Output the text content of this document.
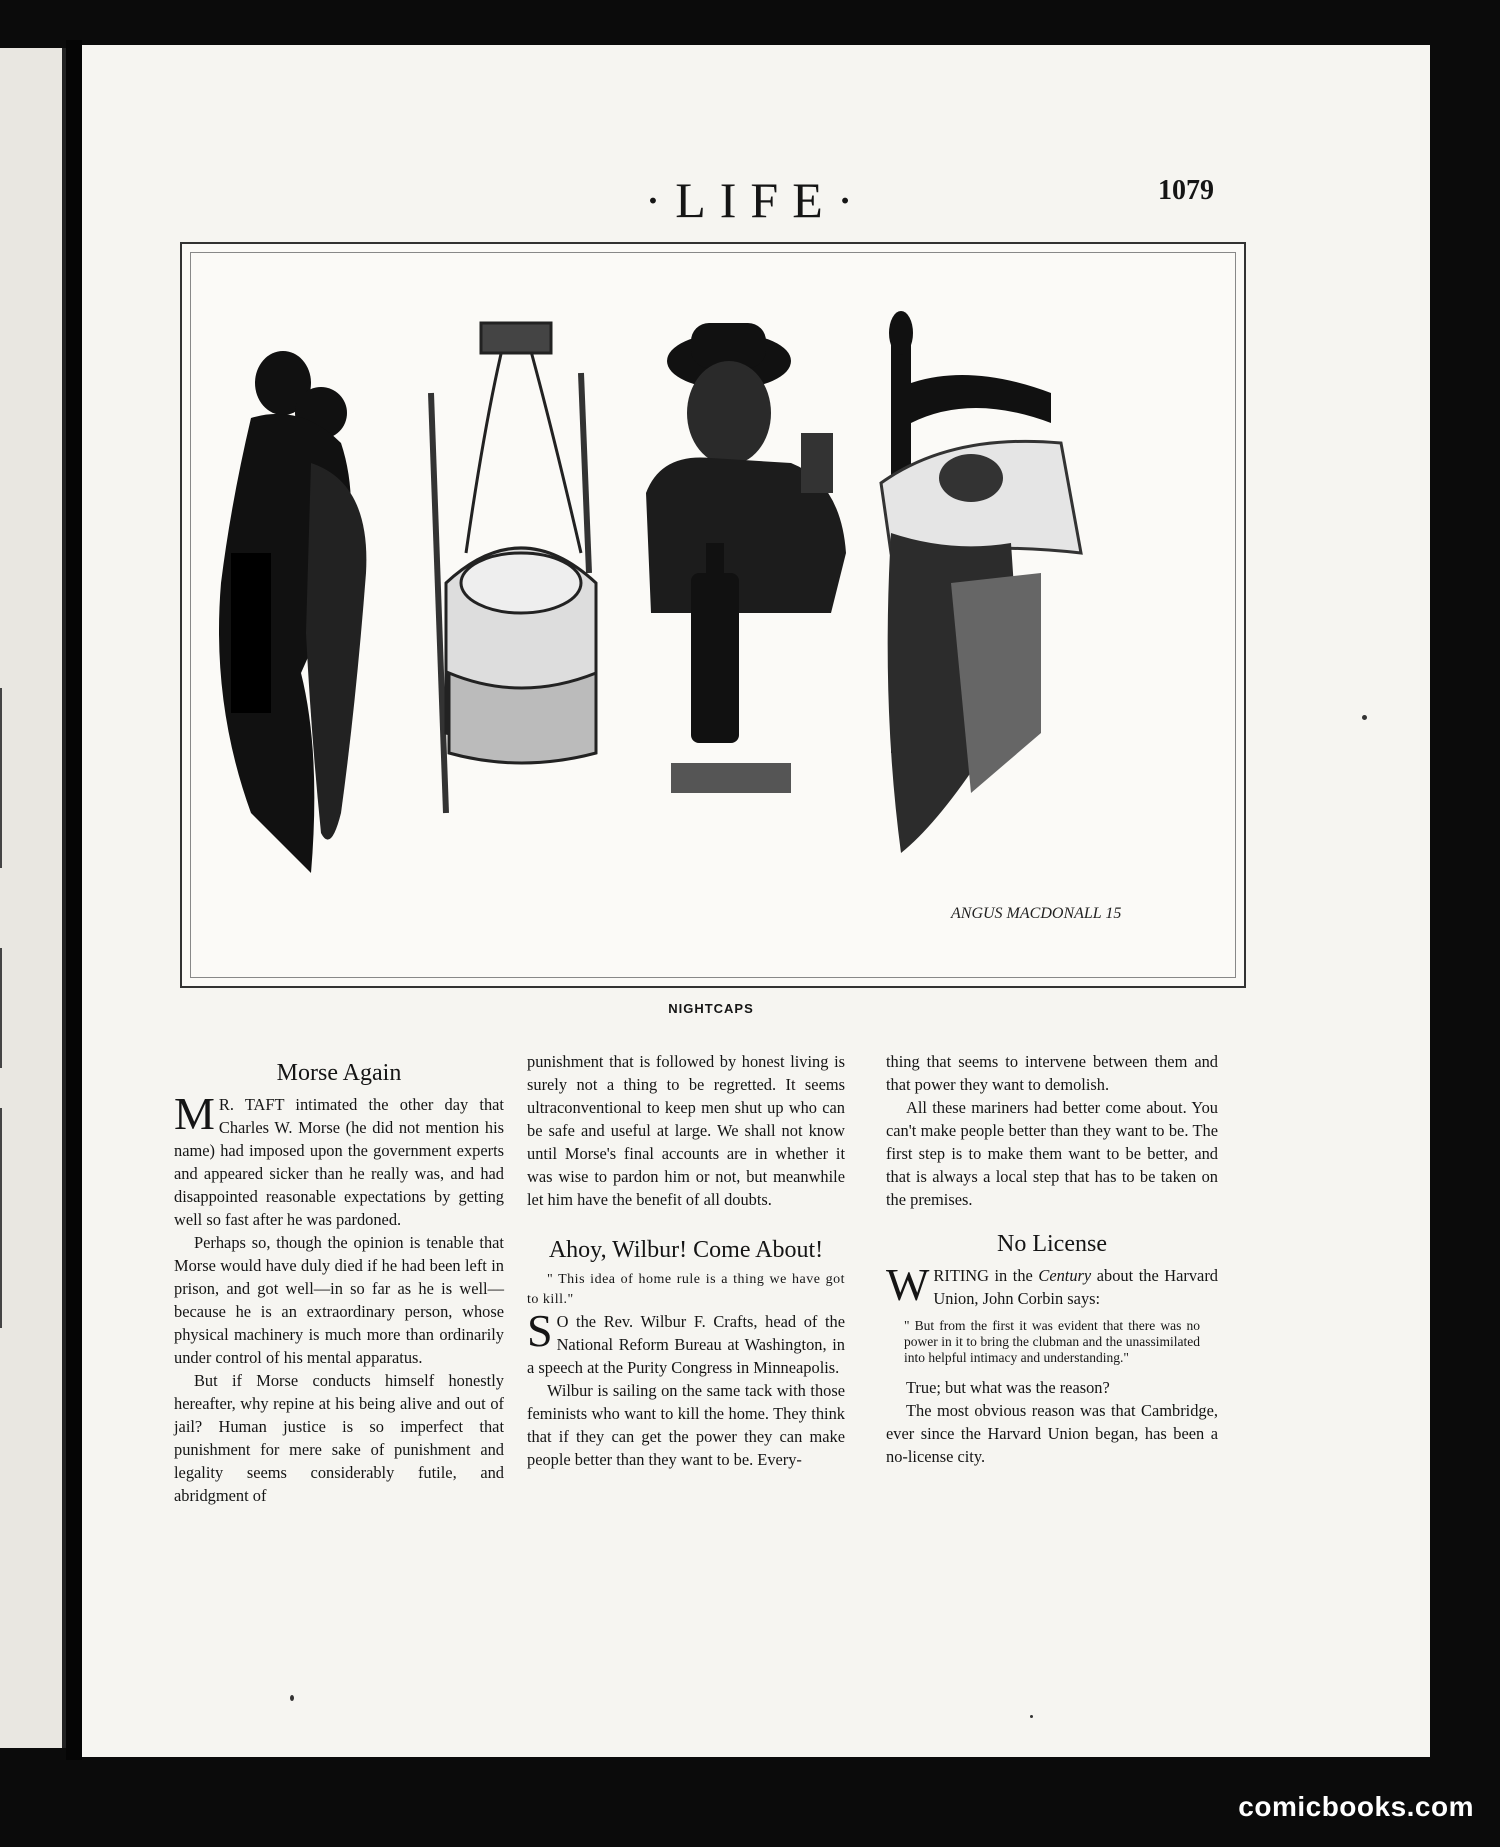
·LIFE·	1079
ANGUS MACDONALL 15
NIGHTCAPS
Morse Again

M R. TAFT intimated the other day that Charles W. Morse (he did not mention his name) had imposed upon the government experts and appeared sicker than he really was, and had disappointed reasonable expectations by getting well so fast after he was pardoned.

Perhaps so, though the opinion is tenable that Morse would have duly died if he had been left in prison, and got well—in so far as he is well—because he is an extraordinary person, whose physical machinery is much more than ordinarily under control of his mental apparatus.

But if Morse conducts himself honestly hereafter, why repine at his being alive and out of jail? Human justice is so imperfect that punishment for mere sake of punishment and legality seems considerably futile, and abridgment of

punishment that is followed by honest living is surely not a thing to be regretted. It seems ultraconventional to keep men shut up who can be safe and useful at large. We shall not know until Morse's final accounts are in whether it was wise to pardon him or not, but meanwhile let him have the benefit of all doubts.

Ahoy, Wilbur! Come About!

" This idea of home rule is a thing we have got to kill."

S O the Rev. Wilbur F. Crafts, head of the National Reform Bureau at Washington, in a speech at the Purity Congress in Minneapolis.

Wilbur is sailing on the same tack with those feminists who want to kill the home. They think that if they can get the power they can make people better than they want to be. Every-

thing that seems to intervene between them and that power they want to demolish.

All these mariners had better come about. You can't make people better than they want to be. The first step is to make them want to be better, and that is always a local step that has to be taken on the premises.

No License

WRITING in the Century about the Harvard Union, John Corbin says:

" But from the first it was evident that there was no power in it to bring the clubman and the unassimilated into helpful intimacy and understanding."

True; but what was the reason?

The most obvious reason was that Cambridge, ever since the Harvard Union began, has been a no-license city.

comicbooks.com
